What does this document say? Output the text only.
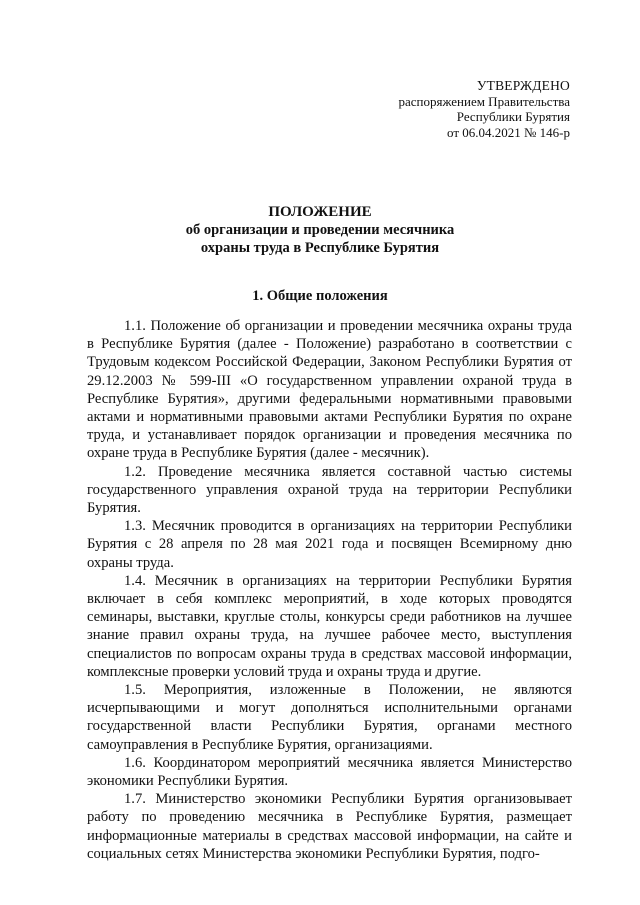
УТВЕРЖДЕНО
распоряжением Правительства
Республики Бурятия
от 06.04.2021 № 146-р
ПОЛОЖЕНИЕ
об организации и проведении месячника
охраны труда в Республике Бурятия
1. Общие положения

1.1. Положение об организации и проведении месячника охраны труда в Республике Бурятия (далее - Положение) разработано в соответствии с Трудовым кодексом Российской Федерации, Законом Республики Бурятия от 29.12.2003 № 599-III «О государственном управлении охраной труда в Республике Бурятия», другими федеральными нормативными правовыми актами и нормативными правовыми актами Республики Бурятия по охране труда, и устанавливает порядок организации и проведения месячника по охране труда в Республике Бурятия (далее - месячник).

1.2. Проведение месячника является составной частью системы государственного управления охраной труда на территории Республики Бурятия.

1.3. Месячник проводится в организациях на территории Республики Бурятия с 28 апреля по 28 мая 2021 года и посвящен Всемирному дню охраны труда.

1.4. Месячник в организациях на территории Республики Бурятия включает в себя комплекс мероприятий, в ходе которых проводятся семинары, выставки, круглые столы, конкурсы среди работников на лучшее знание правил охраны труда, на лучшее рабочее место, выступления специалистов по вопросам охраны труда в средствах массовой информации, комплексные проверки условий труда и охраны труда и другие.

1.5. Мероприятия, изложенные в Положении, не являются исчерпывающими и могут дополняться исполнительными органами государственной власти Республики Бурятия, органами местного самоуправления в Республике Бурятия, организациями.

1.6. Координатором мероприятий месячника является Министерство экономики Республики Бурятия.

1.7. Министерство экономики Республики Бурятия организовывает работу по проведению месячника в Республике Бурятия, размещает информационные материалы в средствах массовой информации, на сайте и социальных сетях Министерства экономики Республики Бурятия, подго-
